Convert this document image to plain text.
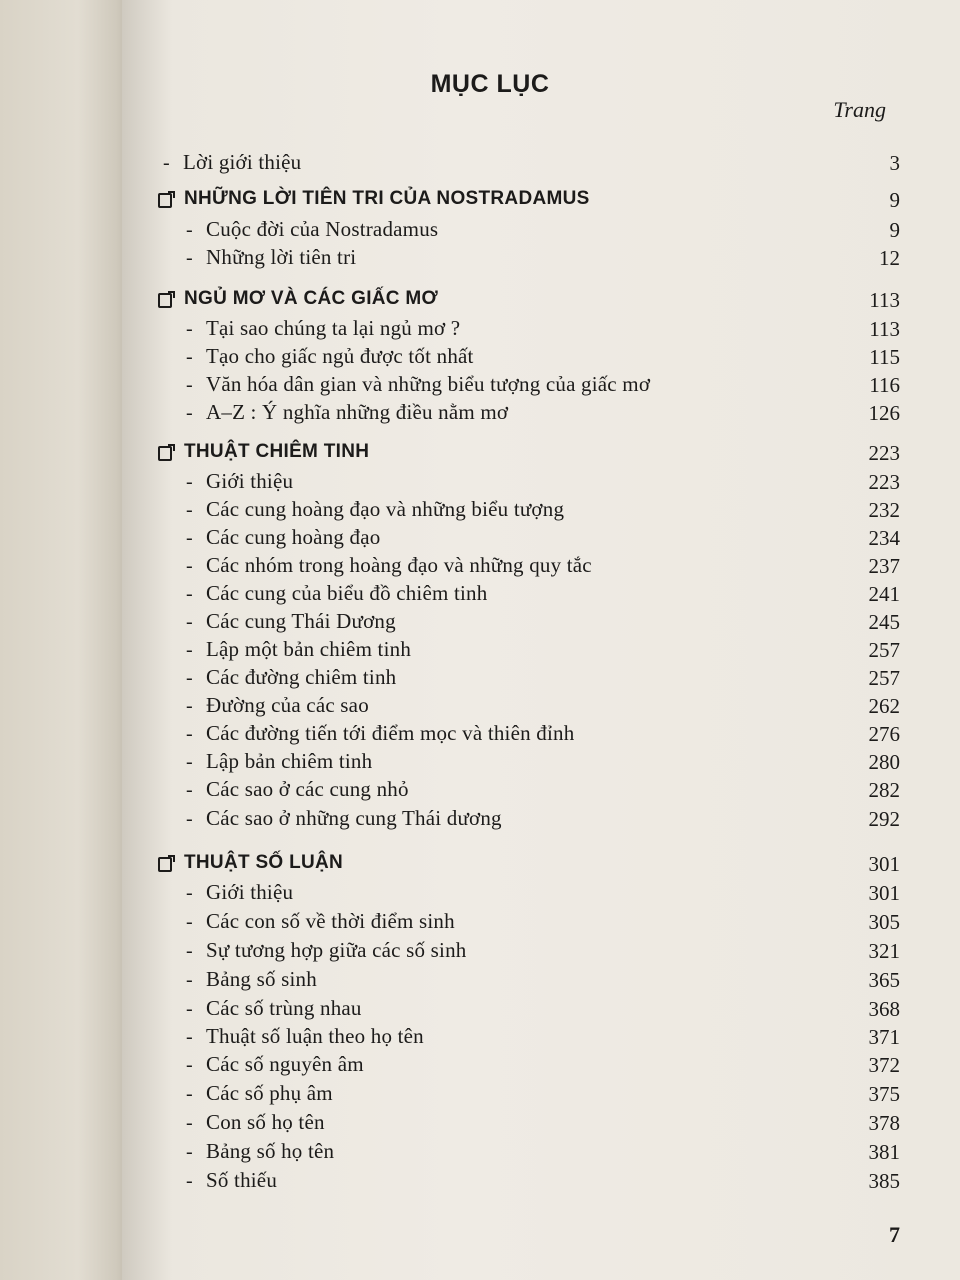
MỤC LỤC
Trang
- Lời giới thiệu	3
NHỮNG LỜI TIÊN TRI CỦA NOSTRADAMUS	9
- Cuộc đời của Nostradamus	9
- Những lời tiên tri	12
NGỦ MƠ VÀ CÁC GIẤC MƠ	113
- Tại sao chúng ta lại ngủ mơ ?	113
- Tạo cho giấc ngủ được tốt nhất	115
- Văn hóa dân gian và những biểu tượng của giấc mơ	116
- A–Z : Ý nghĩa những điều nằm mơ	126
THUẬT CHIÊM TINH	223
- Giới thiệu	223
- Các cung hoàng đạo và những biểu tượng	232
- Các cung hoàng đạo	234
- Các nhóm trong hoàng đạo và những quy tắc	237
- Các cung của biểu đồ chiêm tinh	241
- Các cung Thái Dương	245
- Lập một bản chiêm tinh	257
- Các đường chiêm tinh	257
- Đường của các sao	262
- Các đường tiến tới điểm mọc và thiên đỉnh	276
- Lập bản chiêm tinh	280
- Các sao ở các cung nhỏ	282
- Các sao ở những cung Thái dương	292
THUẬT SỐ LUẬN	301
- Giới thiệu	301
- Các con số về thời điểm sinh	305
- Sự tương hợp giữa các số sinh	321
- Bảng số sinh	365
- Các số trùng nhau	368
- Thuật số luận theo họ tên	371
- Các số nguyên âm	372
- Các số phụ âm	375
- Con số họ tên	378
- Bảng số họ tên	381
- Số thiếu	385
7
